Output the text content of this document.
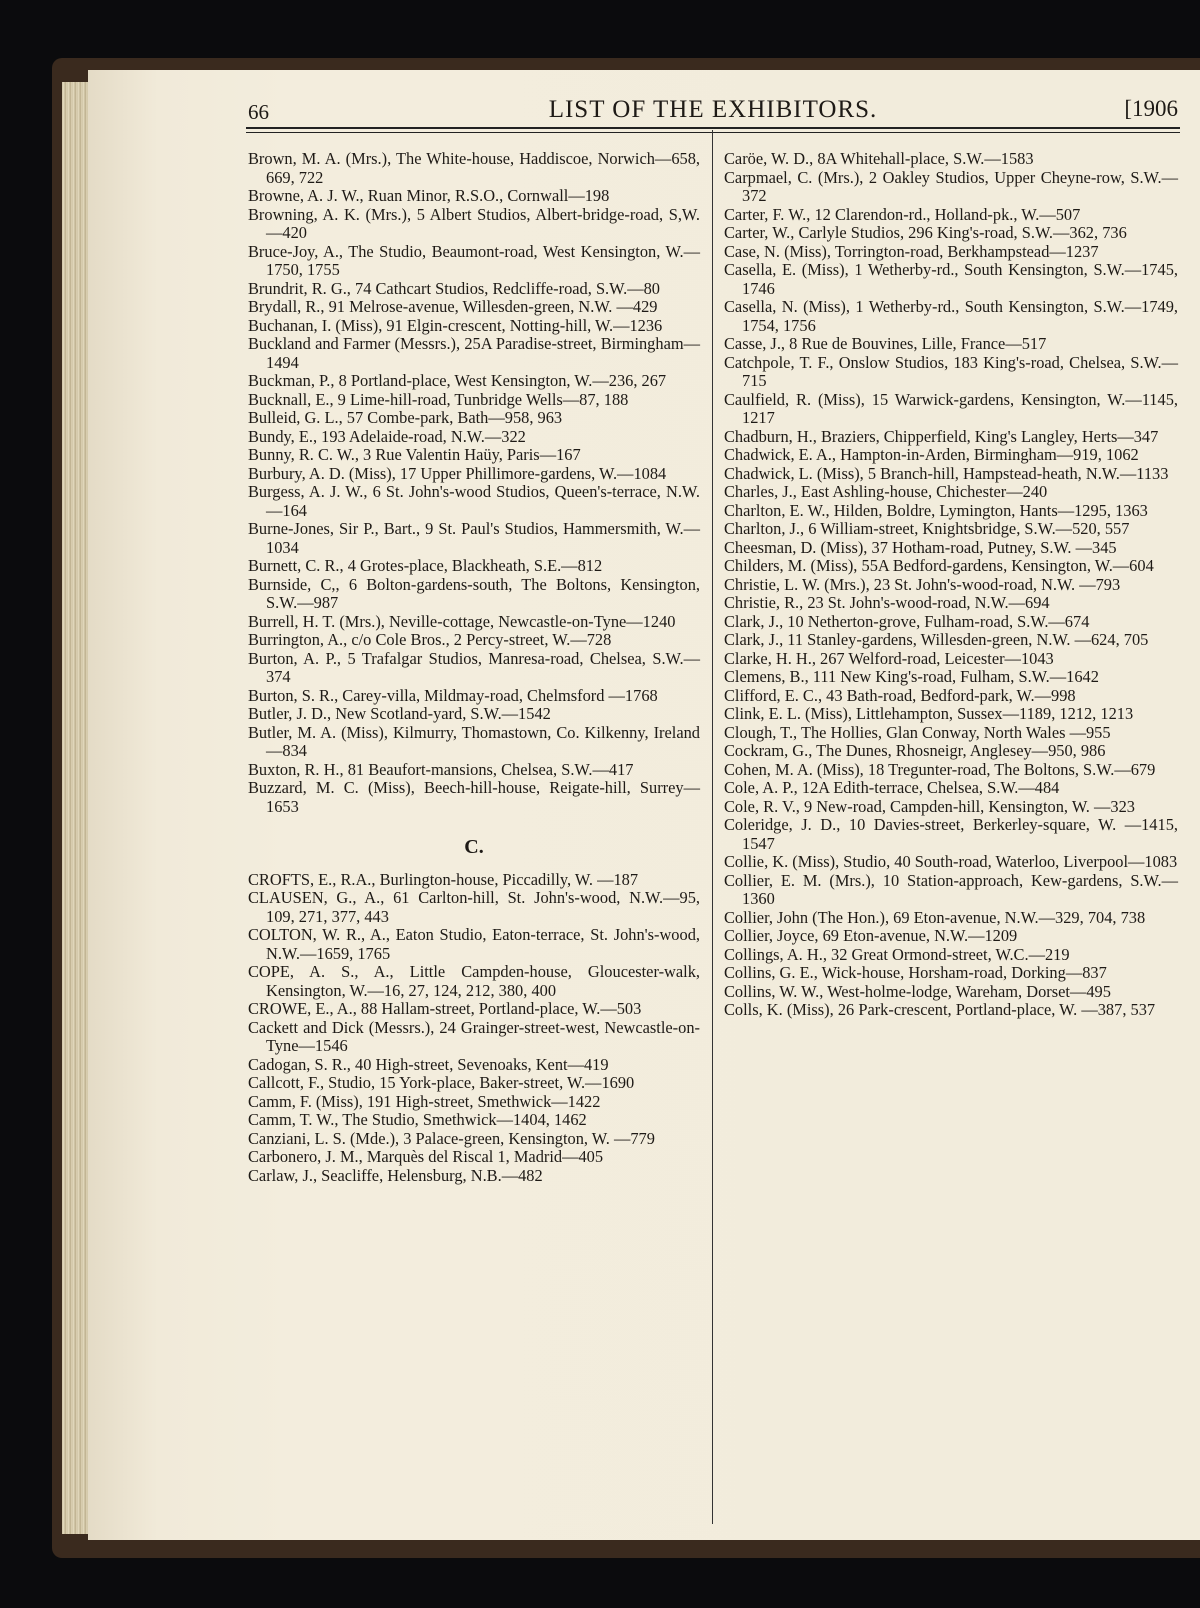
66	LIST OF THE EXHIBITORS.	[1906

Brown, M. A. (Mrs.), The White-house, Haddiscoe, Norwich—658, 669, 722

Browne, A. J. W., Ruan Minor, R.S.O., Cornwall—198

Browning, A. K. (Mrs.), 5 Albert Studios, Albert-bridge-road, S,W.—420

Bruce-Joy, A., The Studio, Beaumont-road, West Kensington, W.—1750, 1755

Brundrit, R. G., 74 Cathcart Studios, Redcliffe-road, S.W.—80

Brydall, R., 91 Melrose-avenue, Willesden-green, N.W. —429

Buchanan, I. (Miss), 91 Elgin-crescent, Notting-hill, W.—1236

Buckland and Farmer (Messrs.), 25A Paradise-street, Birmingham—1494

Buckman, P., 8 Portland-place, West Kensington, W.—236, 267

Bucknall, E., 9 Lime-hill-road, Tunbridge Wells—87, 188

Bulleid, G. L., 57 Combe-park, Bath—958, 963

Bundy, E., 193 Adelaide-road, N.W.—322

Bunny, R. C. W., 3 Rue Valentin Haüy, Paris—167

Burbury, A. D. (Miss), 17 Upper Phillimore-gardens, W.—1084

Burgess, A. J. W., 6 St. John's-wood Studios, Queen's-terrace, N.W.—164

Burne-Jones, Sir P., Bart., 9 St. Paul's Studios, Hammersmith, W.—1034

Burnett, C. R., 4 Grotes-place, Blackheath, S.E.—812

Burnside, C,, 6 Bolton-gardens-south, The Boltons, Kensington, S.W.—987

Burrell, H. T. (Mrs.), Neville-cottage, Newcastle-on-Tyne—1240

Burrington, A., c/o Cole Bros., 2 Percy-street, W.—728

Burton, A. P., 5 Trafalgar Studios, Manresa-road, Chelsea, S.W.—374

Burton, S. R., Carey-villa, Mildmay-road, Chelmsford —1768

Butler, J. D., New Scotland-yard, S.W.—1542

Butler, M. A. (Miss), Kilmurry, Thomastown, Co. Kilkenny, Ireland—834

Buxton, R. H., 81 Beaufort-mansions, Chelsea, S.W.—417

Buzzard, M. C. (Miss), Beech-hill-house, Reigate-hill, Surrey—1653

C.

CROFTS, E., R.A., Burlington-house, Piccadilly, W. —187

CLAUSEN, G., A., 61 Carlton-hill, St. John's-wood, N.W.—95, 109, 271, 377, 443

COLTON, W. R., A., Eaton Studio, Eaton-terrace, St. John's-wood, N.W.—1659, 1765

COPE, A. S., A., Little Campden-house, Gloucester-walk, Kensington, W.—16, 27, 124, 212, 380, 400

CROWE, E., A., 88 Hallam-street, Portland-place, W.—503

Cackett and Dick (Messrs.), 24 Grainger-street-west, Newcastle-on-Tyne—1546

Cadogan, S. R., 40 High-street, Sevenoaks, Kent—419

Callcott, F., Studio, 15 York-place, Baker-street, W.—1690

Camm, F. (Miss), 191 High-street, Smethwick—1422

Camm, T. W., The Studio, Smethwick—1404, 1462

Canziani, L. S. (Mde.), 3 Palace-green, Kensington, W. —779

Carbonero, J. M., Marquès del Riscal 1, Madrid—405

Carlaw, J., Seacliffe, Helensburg, N.B.—482

Caröe, W. D., 8A Whitehall-place, S.W.—1583

Carpmael, C. (Mrs.), 2 Oakley Studios, Upper Cheyne-row, S.W.—372

Carter, F. W., 12 Clarendon-rd., Holland-pk., W.—507

Carter, W., Carlyle Studios, 296 King's-road, S.W.—362, 736

Case, N. (Miss), Torrington-road, Berkhampstead—1237

Casella, E. (Miss), 1 Wetherby-rd., South Kensington, S.W.—1745, 1746

Casella, N. (Miss), 1 Wetherby-rd., South Kensington, S.W.—1749, 1754, 1756

Casse, J., 8 Rue de Bouvines, Lille, France—517

Catchpole, T. F., Onslow Studios, 183 King's-road, Chelsea, S.W.—715

Caulfield, R. (Miss), 15 Warwick-gardens, Kensington, W.—1145, 1217

Chadburn, H., Braziers, Chipperfield, King's Langley, Herts—347

Chadwick, E. A., Hampton-in-Arden, Birmingham—919, 1062

Chadwick, L. (Miss), 5 Branch-hill, Hampstead-heath, N.W.—1133

Charles, J., East Ashling-house, Chichester—240

Charlton, E. W., Hilden, Boldre, Lymington, Hants—1295, 1363

Charlton, J., 6 William-street, Knightsbridge, S.W.—520, 557

Cheesman, D. (Miss), 37 Hotham-road, Putney, S.W. —345

Childers, M. (Miss), 55A Bedford-gardens, Kensington, W.—604

Christie, L. W. (Mrs.), 23 St. John's-wood-road, N.W. —793

Christie, R., 23 St. John's-wood-road, N.W.—694

Clark, J., 10 Netherton-grove, Fulham-road, S.W.—674

Clark, J., 11 Stanley-gardens, Willesden-green, N.W. —624, 705

Clarke, H. H., 267 Welford-road, Leicester—1043

Clemens, B., 111 New King's-road, Fulham, S.W.—1642

Clifford, E. C., 43 Bath-road, Bedford-park, W.—998

Clink, E. L. (Miss), Littlehampton, Sussex—1189, 1212, 1213

Clough, T., The Hollies, Glan Conway, North Wales —955

Cockram, G., The Dunes, Rhosneigr, Anglesey—950, 986

Cohen, M. A. (Miss), 18 Tregunter-road, The Boltons, S.W.—679

Cole, A. P., 12A Edith-terrace, Chelsea, S.W.—484

Cole, R. V., 9 New-road, Campden-hill, Kensington, W. —323

Coleridge, J. D., 10 Davies-street, Berkerley-square, W. —1415, 1547

Collie, K. (Miss), Studio, 40 South-road, Waterloo, Liverpool—1083

Collier, E. M. (Mrs.), 10 Station-approach, Kew-gardens, S.W.—1360

Collier, John (The Hon.), 69 Eton-avenue, N.W.—329, 704, 738

Collier, Joyce, 69 Eton-avenue, N.W.—1209

Collings, A. H., 32 Great Ormond-street, W.C.—219

Collins, G. E., Wick-house, Horsham-road, Dorking—837

Collins, W. W., West-holme-lodge, Wareham, Dorset—495

Colls, K. (Miss), 26 Park-crescent, Portland-place, W. —387, 537
